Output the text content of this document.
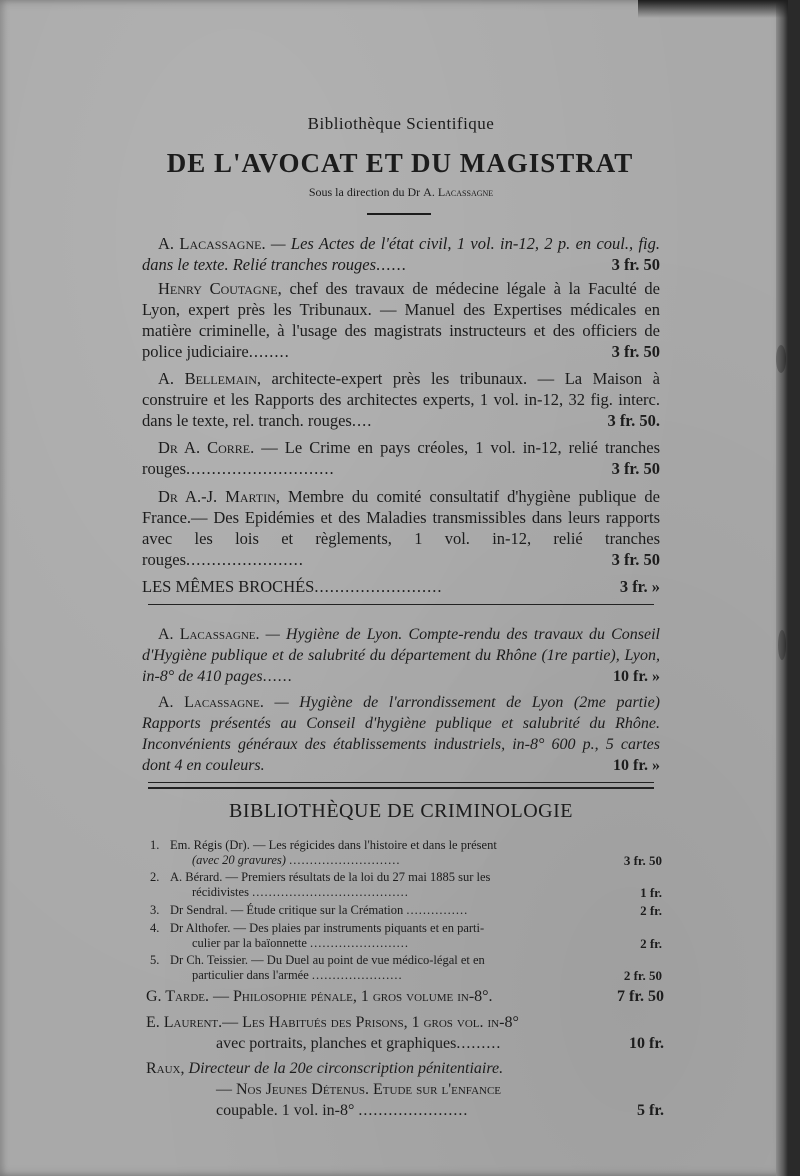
Bibliothèque Scientifique
DE L'AVOCAT ET DU MAGISTRAT
Sous la direction du Dr A. Lacassagne
A. Lacassagne. — Les Actes de l'état civil, 1 vol. in-12, 2 p. en coul., fig. dans le texte. Relié tranches rouges......	3 fr. 50
Henry Coutagne, chef des travaux de médecine légale à la Faculté de Lyon, expert près les Tribunaux. — Manuel des Expertises médicales en matière criminelle, à l'usage des magistrats instructeurs et des officiers de police judiciaire........	3 fr. 50
A. Bellemain, architecte-expert près les tribunaux. — La Maison à construire et les Rapports des architectes experts, 1 vol. in-12, 32 fig. interc. dans le texte, rel. tranch. rouges....	3 fr. 50.
Dr A. Corre. — Le Crime en pays créoles, 1 vol. in-12, relié tranches rouges.............................	3 fr. 50
Dr A.-J. Martin, Membre du comité consultatif d'hygiène publique de France.— Des Epidémies et des Maladies transmissibles dans leurs rapports avec les lois et règlements, 1 vol. in-12, relié tranches rouges.......................	3 fr. 50
LES MÊMES BROCHÉS.........................	3 fr. »
A. Lacassagne. — Hygiène de Lyon. Compte-rendu des travaux du Conseil d'Hygiène publique et de salubrité du département du Rhône (1re partie), Lyon, in-8° de 410 pages......	10 fr. »
A. Lacassagne. — Hygiène de l'arrondissement de Lyon (2me partie) Rapports présentés au Conseil d'hygiène publique et salubrité du Rhône. Inconvénients généraux des établissements industriels, in-8° 600 p., 5 cartes dont 4 en couleurs.	10 fr. »
BIBLIOTHÈQUE DE CRIMINOLOGIE
1. Em. Régis (Dr). — Les régicides dans l'histoire et dans le présent
(avec 20 gravures) ...........................	3 fr. 50
2. A. Bérard. — Premiers résultats de la loi du 27 mai 1885 sur les
récidivistes ......................................	1 fr.
3. Dr Sendral. — Étude critique sur la Crémation ...............	2 fr.
4. Dr Althofer. — Des plaies par instruments piquants et en parti-
culier par la baïonnette ........................	2 fr.
5. Dr Ch. Teissier. — Du Duel au point de vue médico-légal et en
particulier dans l'armée ......................	2 fr. 50
G. Tarde. — Philosophie pénale, 1 gros volume in-8°.	7 fr. 50
E. Laurent.— Les Habitués des Prisons, 1 gros vol. in-8°
avec portraits, planches et graphiques.........	10 fr.
Raux, Directeur de la 20e circonscription pénitentiaire.
— Nos Jeunes Détenus. Etude sur l'enfance
coupable. 1 vol. in-8° ......................	5 fr.
